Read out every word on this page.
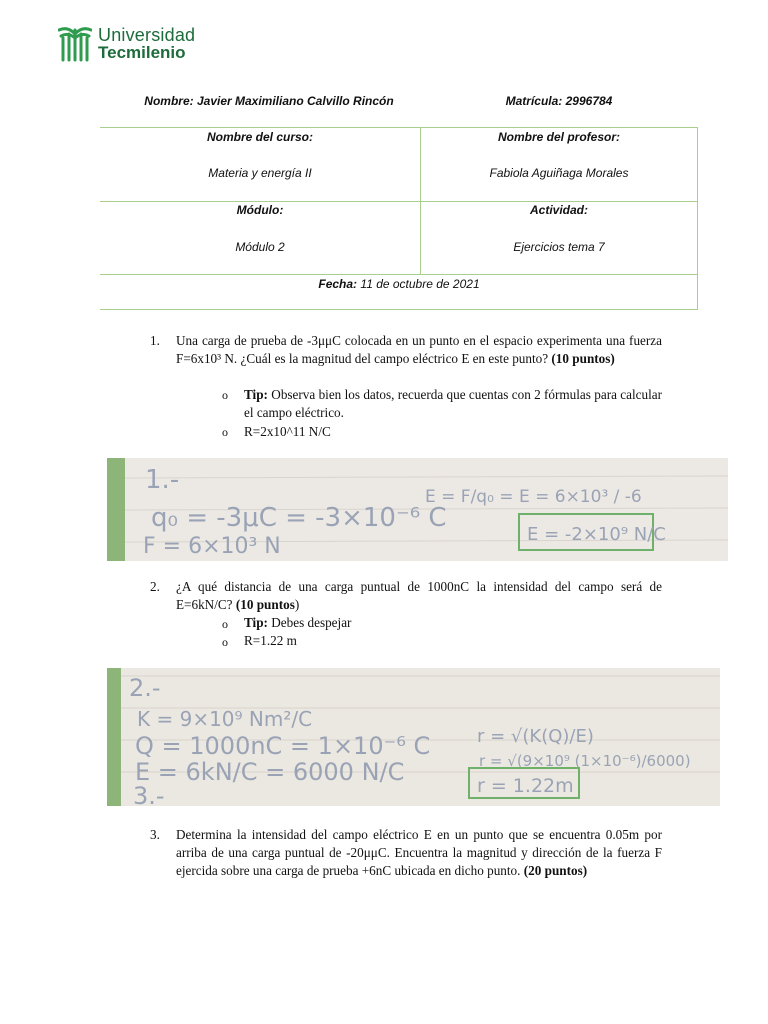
Universidad
Tecmilenio
Nombre: Javier Maximiliano Calvillo Rincón	Matrícula: 2996784
Nombre del curso:
Materia y energía II
Nombre del profesor:
Fabiola Aguiñaga Morales
Módulo:
Módulo 2
Actividad:
Ejercicios tema 7
Fecha: 11 de octubre de 2021
1. Una carga de prueba de -3μμC colocada en un punto en el espacio experimenta una fuerza F=6x10³ N. ¿Cuál es la magnitud del campo eléctrico E en este punto? (10 puntos)
o Tip: Observa bien los datos, recuerda que cuentas con 2 fórmulas para calcular el campo eléctrico.
o R=2x10^11 N/C
1.-
q₀ = -3μC = -3×10⁻⁶ C
F = 6×10³ N
E = F/q₀ = E = 6×10³ / -6
E = -2×10⁹ N/C
2. ¿A qué distancia de una carga puntual de 1000nC la intensidad del campo será de E=6kN/C? (10 puntos)
o Tip: Debes despejar
o R=1.22 m
2.-
K = 9×10⁹ Nm²/C
Q = 1000nC = 1×10⁻⁶ C
E = 6kN/C = 6000 N/C
3.-
r = √(K(Q)/E)
r = √(9×10⁹ (1×10⁻⁶)/6000)
r = 1.22m
3. Determina la intensidad del campo eléctrico E en un punto que se encuentra 0.05m por arriba de una carga puntual de -20μμC. Encuentra la magnitud y dirección de la fuerza F ejercida sobre una carga de prueba +6nC ubicada en dicho punto. (20 puntos)
